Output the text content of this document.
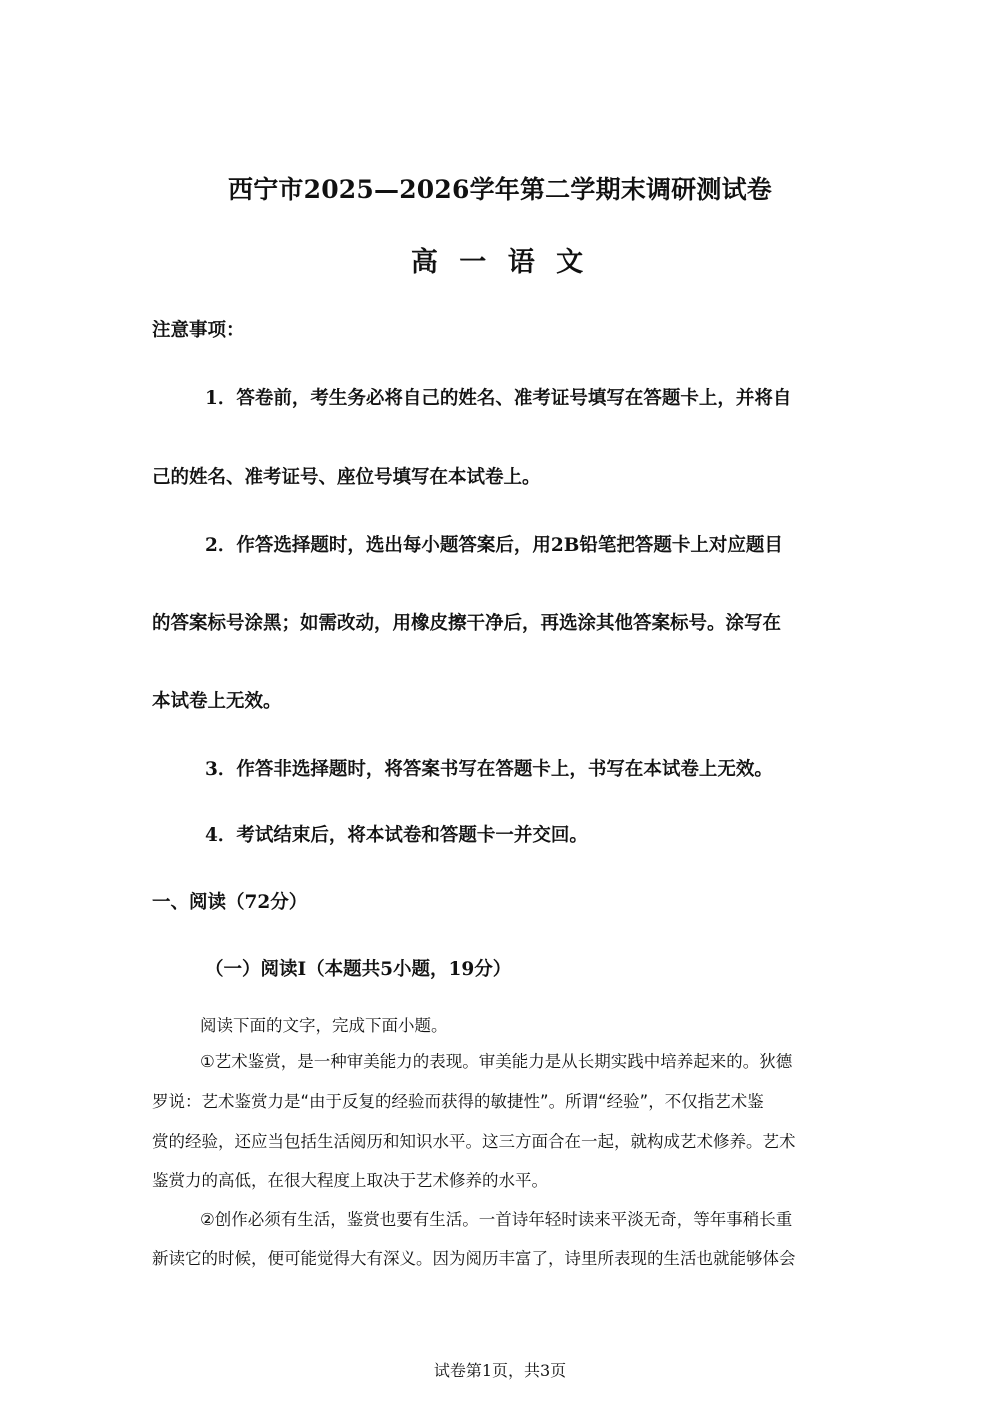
西宁市2025—2026学年第二学期末调研测试卷
高 一 语 文

注意事项：

1．答卷前，考生务必将自己的姓名、准考证号填写在答题卡上，并将自

己的姓名、准考证号、座位号填写在本试卷上。

2．作答选择题时，选出每小题答案后，用2B铅笔把答题卡上对应题目

的答案标号涂黑；如需改动，用橡皮擦干净后，再选涂其他答案标号。涂写在

本试卷上无效。

3．作答非选择题时，将答案书写在答题卡上，书写在本试卷上无效。

4．考试结束后，将本试卷和答题卡一并交回。

一、阅读（72分）

（一）阅读I（本题共5小题，19分）

阅读下面的文字，完成下面小题。

①艺术鉴赏，是一种审美能力的表现。审美能力是从长期实践中培养起来的。狄德

罗说：艺术鉴赏力是“由于反复的经验而获得的敏捷性”。所谓“经验”，不仅指艺术鉴

赏的经验，还应当包括生活阅历和知识水平。这三方面合在一起，就构成艺术修养。艺术

鉴赏力的高低，在很大程度上取决于艺术修养的水平。

②创作必须有生活，鉴赏也要有生活。一首诗年轻时读来平淡无奇，等年事稍长重

新读它的时候，便可能觉得大有深义。因为阅历丰富了，诗里所表现的生活也就能够体会

试卷第1页，共3页
